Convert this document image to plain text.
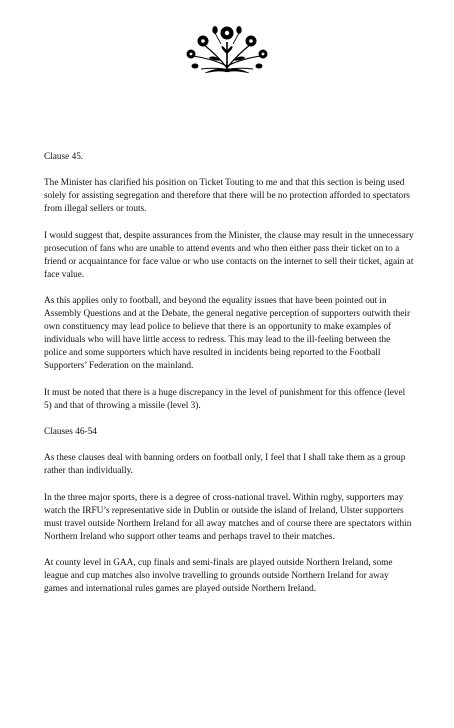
Clause 45.

The Minister has clarified his position on Ticket Touting to me and that this section is being used solely for assisting segregation and therefore that there will be no protection afforded to spectators from illegal sellers or touts.

I would suggest that, despite assurances from the Minister, the clause may result in the unnecessary prosecution of fans who are unable to attend events and who then either pass their ticket on to a friend or acquaintance for face value or who use contacts on the internet to sell their ticket, again at face value.

As this applies only to football, and beyond the equality issues that have been pointed out in Assembly Questions and at the Debate, the general negative perception of supporters outwith their own constituency may lead police to believe that there is an opportunity to make examples of individuals who will have little access to redress. This may lead to the ill-feeling between the police and some supporters which have resulted in incidents being reported to the Football Supporters’ Federation on the mainland.

It must be noted that there is a huge discrepancy in the level of punishment for this offence (level 5) and that of throwing a missile (level 3).

Clauses 46-54

As these clauses deal with banning orders on football only, I feel that I shall take them as a group rather than individually.

In the three major sports, there is a degree of cross-national travel. Within rugby, supporters may watch the IRFU’s representative side in Dublin or outside the island of Ireland, Ulster supporters must travel outside Northern Ireland for all away matches and of course there are spectators within Northern Ireland who support other teams and perhaps travel to their matches.

At county level in GAA, cup finals and semi-finals are played outside Northern Ireland, some league and cup matches also involve travelling to grounds outside Northern Ireland for away games and international rules games are played outside Northern Ireland.
